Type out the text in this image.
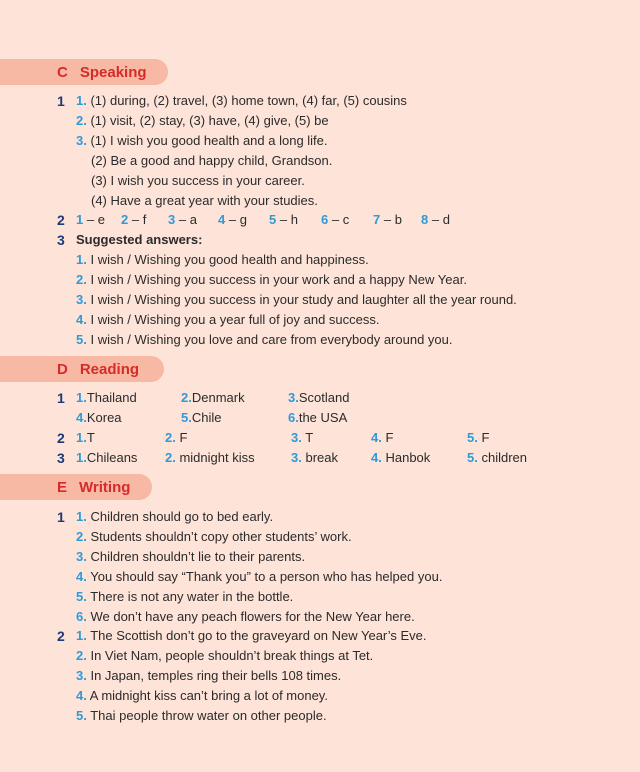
C Speaking
1 1. (1) during, (2) travel, (3) home town, (4) far, (5) cousins
2. (1) visit, (2) stay, (3) have, (4) give, (5) be
3. (1) I wish you good health and a long life.
(2) Be a good and happy child, Grandson.
(3) I wish you success in your career.
(4) Have a great year with your studies.
2 1 – e 2 – f 3 – a 4 – g 5 – h 6 – c 7 – b 8 – d
3 Suggested answers:
1. I wish / Wishing you good health and happiness.
2. I wish / Wishing you success in your work and a happy New Year.
3. I wish / Wishing you success in your study and laughter all the year round.
4. I wish / Wishing you a year full of joy and success.
5. I wish / Wishing you love and care from everybody around you.
D Reading
1 1.Thailand	2.Denmark	3.Scotland
4.Korea	5.Chile	6.the USA
2 1.T	2. F	3. T	4. F	5. F
3 1.Chileans 2. midnight kiss	3. break	4. Hanbok	5. children
E Writing
1 1. Children should go to bed early.
2. Students shouldn’t copy other students’ work.
3. Children shouldn’t lie to their parents.
4. You should say “Thank you” to a person who has helped you.
5. There is not any water in the bottle.
6. We don’t have any peach flowers for the New Year here.
2 1. The Scottish don’t go to the graveyard on New Year’s Eve.
2. In Viet Nam, people shouldn’t break things at Tet.
3. In Japan, temples ring their bells 108 times.
4. A midnight kiss can’t bring a lot of money.
5. Thai people throw water on other people.
